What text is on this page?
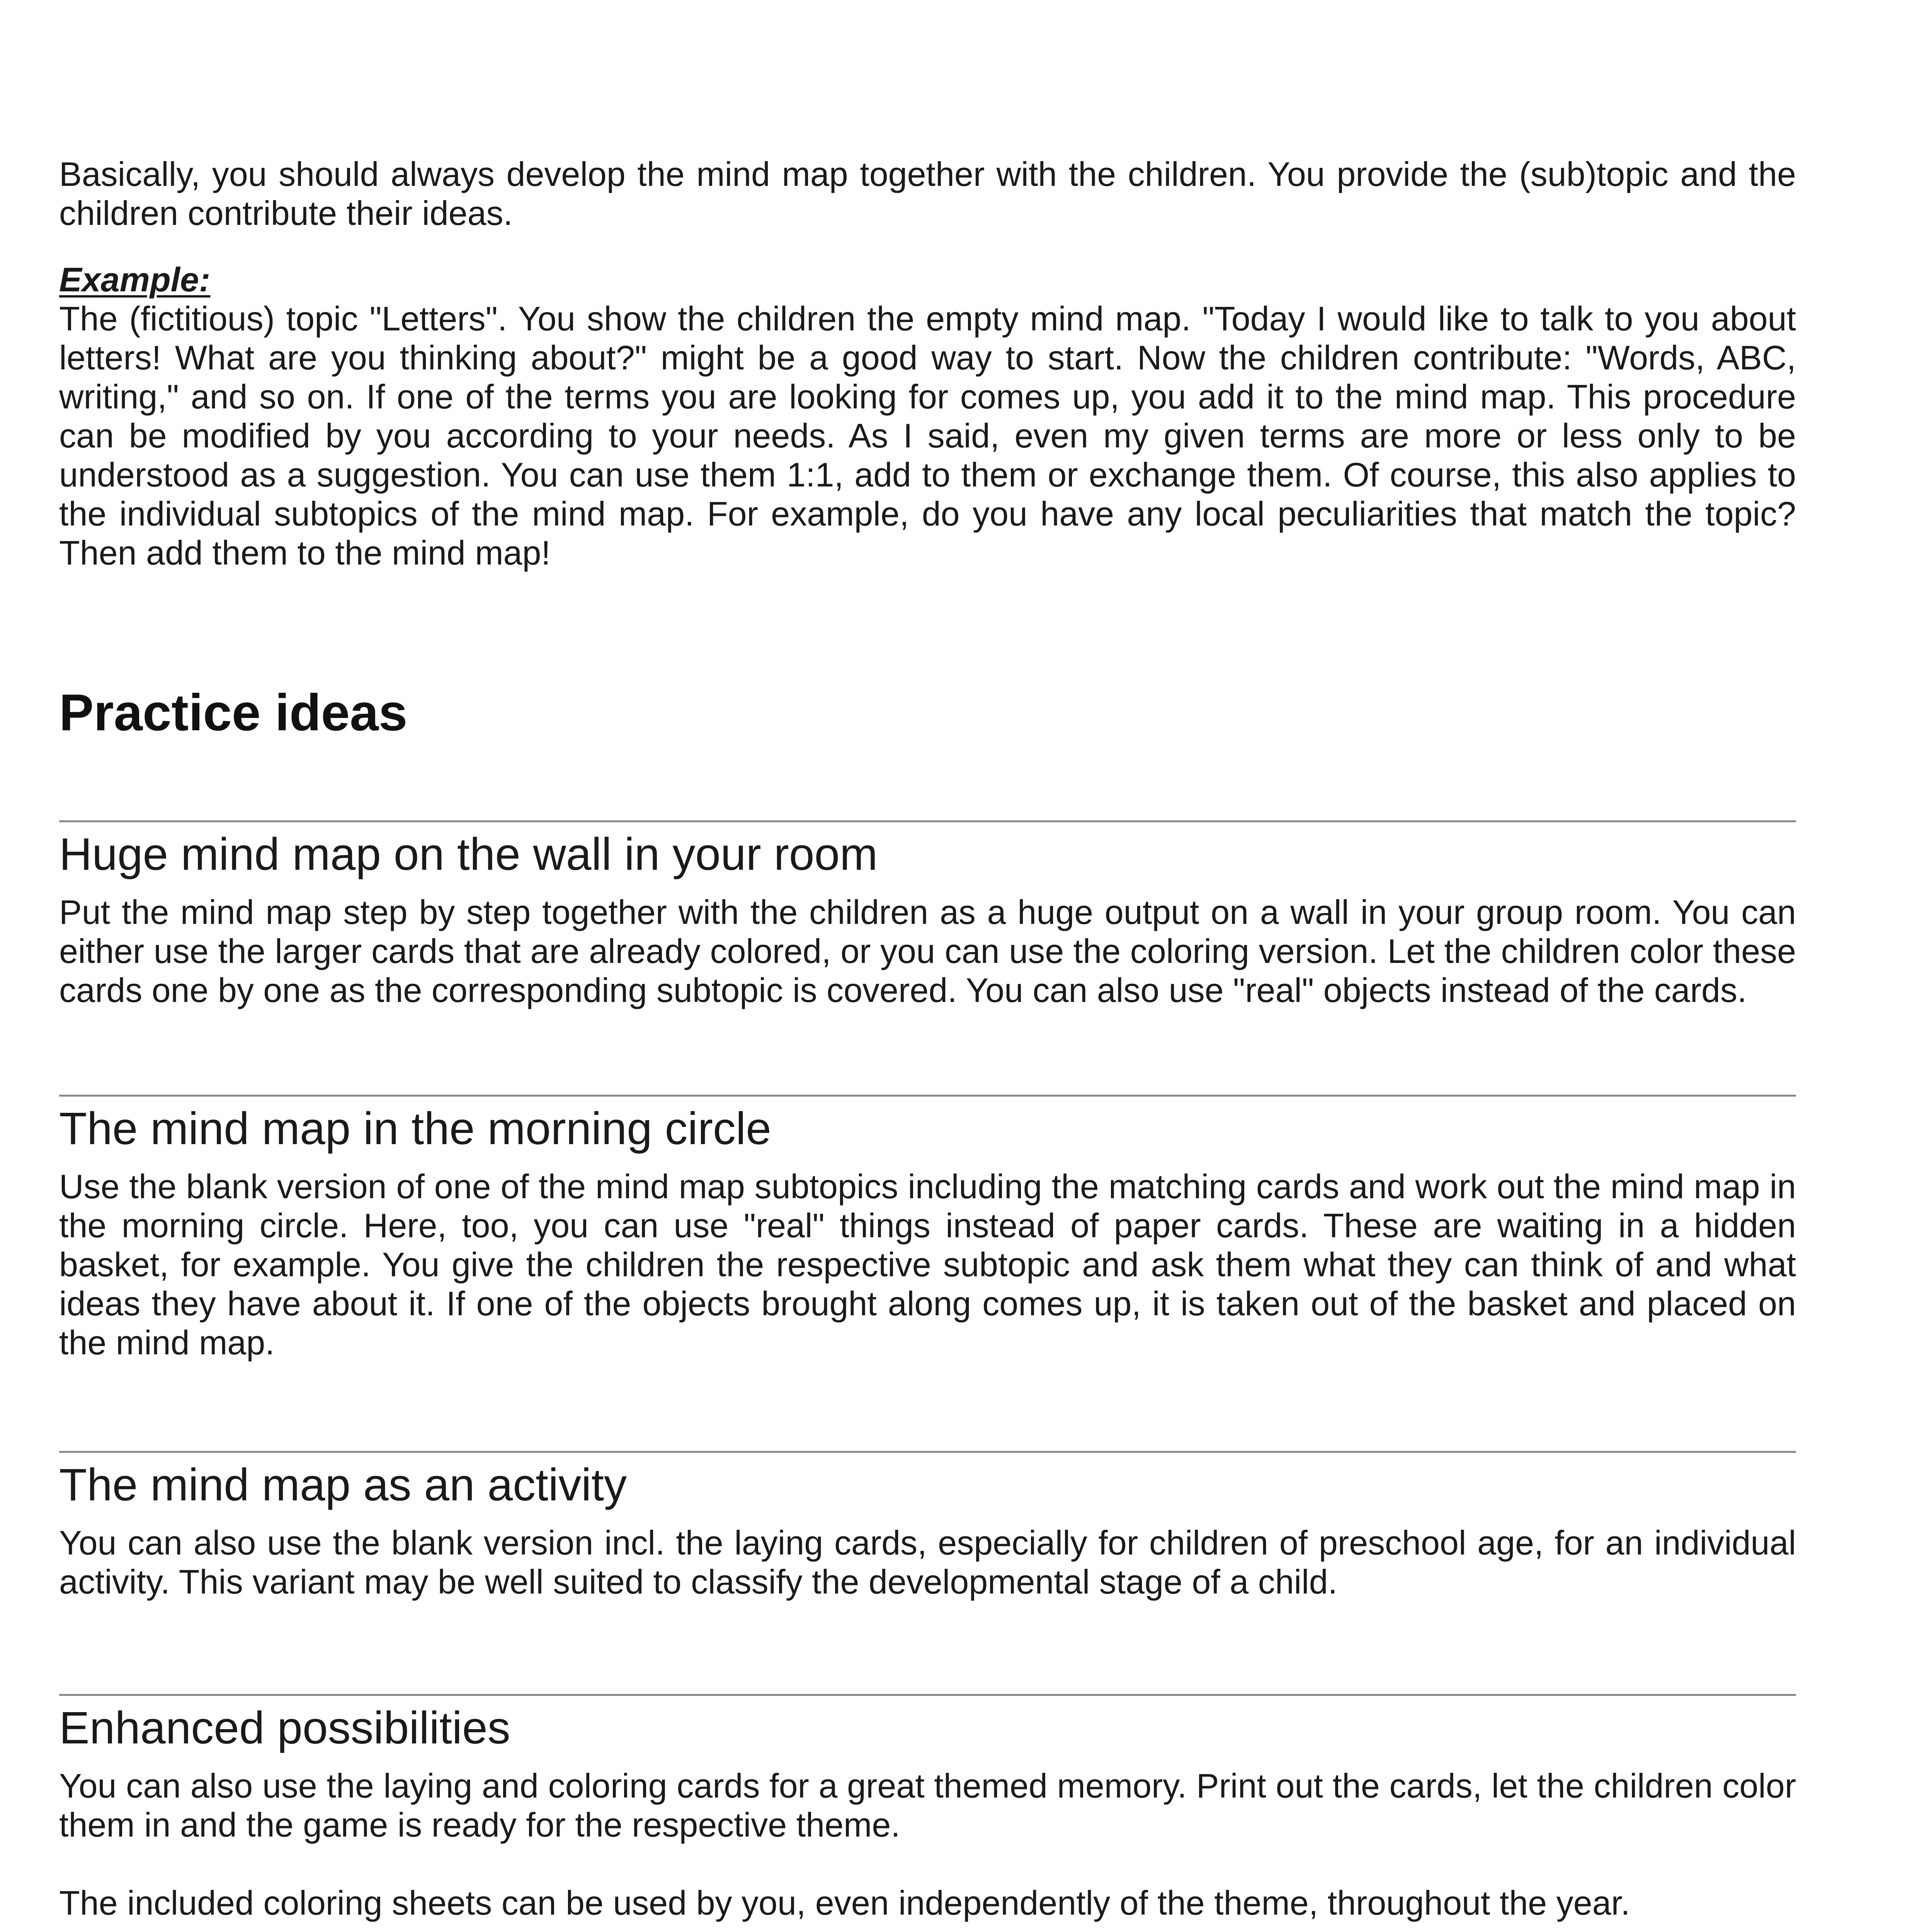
Basically, you should always develop the mind map together with the children. You provide the (sub)topic and the children contribute their ideas.

Example:

The (fictitious) topic "Letters". You show the children the empty mind map. "Today I would like to talk to you about letters! What are you thinking about?" might be a good way to start. Now the children contribute: "Words, ABC, writing," and so on. If one of the terms you are looking for comes up, you add it to the mind map. This procedure can be modified by you according to your needs. As I said, even my given terms are more or less only to be understood as a suggestion. You can use them 1:1, add to them or exchange them. Of course, this also applies to the individual subtopics of the mind map. For example, do you have any local peculiarities that match the topic? Then add them to the mind map!

Practice ideas
Huge mind map on the wall in your room

Put the mind map step by step together with the children as a huge output on a wall in your group room. You can either use the larger cards that are already colored, or you can use the coloring version. Let the children color these cards one by one as the corresponding subtopic is covered. You can also use "real" objects instead of the cards.

The mind map in the morning circle

Use the blank version of one of the mind map subtopics including the matching cards and work out the mind map in the morning circle. Here, too, you can use "real" things instead of paper cards. These are waiting in a hidden basket, for example. You give the children the respective subtopic and ask them what they can think of and what ideas they have about it. If one of the objects brought along comes up, it is taken out of the basket and placed on the mind map.

The mind map as an activity

You can also use the blank version incl. the laying cards, especially for children of preschool age, for an individual activity. This variant may be well suited to classify the developmental stage of a child.

Enhanced possibilities

You can also use the laying and coloring cards for a great themed memory. Print out the cards, let the children color them in and the game is ready for the respective theme.

The included coloring sheets can be used by you, even independently of the theme, throughout the year.
